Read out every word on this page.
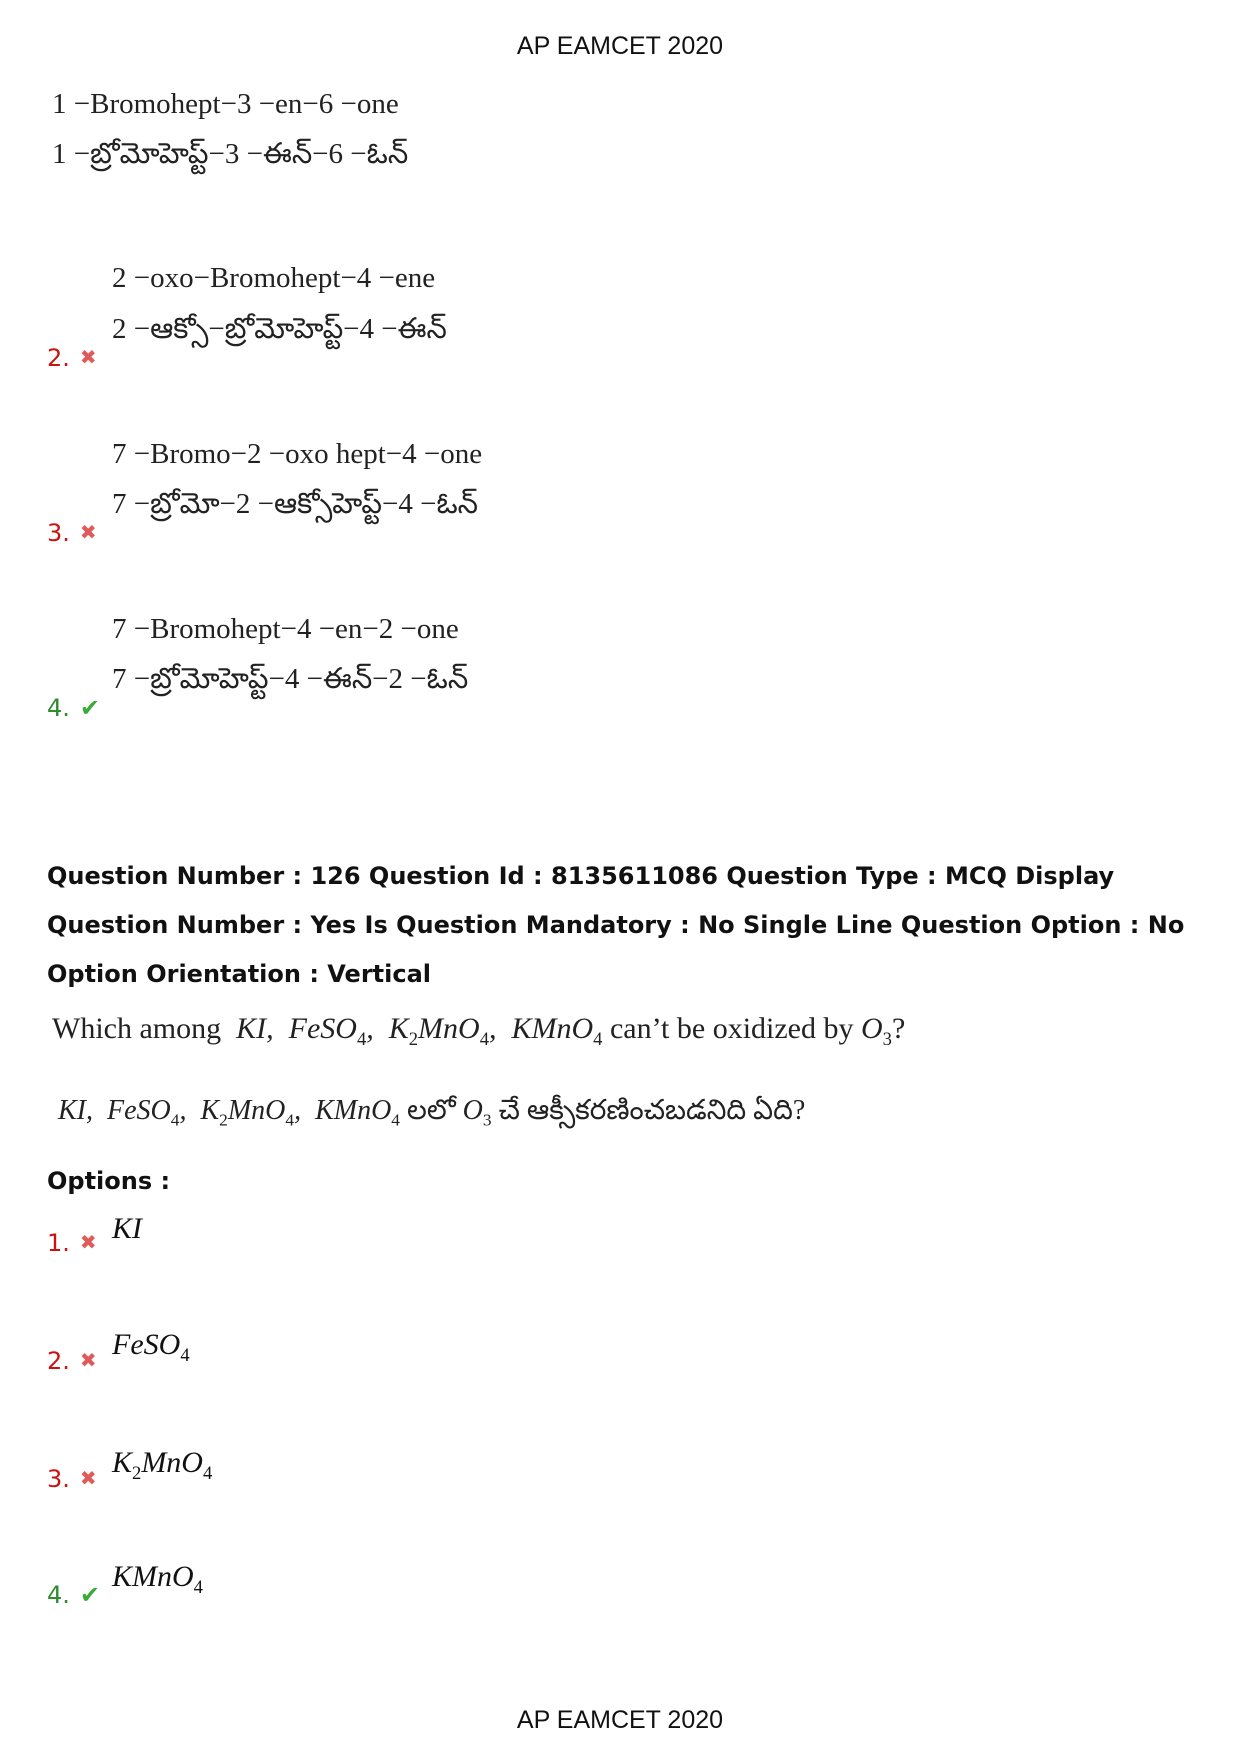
AP EAMCET 2020
1 −Bromohept−3 −en−6 −one
1 −బ్రోమోహెప్ట్−3 −ఈన్−6 −ఓన్
2 −oxo−Bromohept−4 −ene
2 −ఆక్సో−బ్రోమోహెప్ట్−4 −ఈన్
2. ✖
7 −Bromo−2 −oxo hept−4 −one
7 −బ్రోమో−2 −ఆక్సోహెప్ట్−4 −ఓన్
3. ✖
7 −Bromohept−4 −en−2 −one
7 −బ్రోమోహెప్ట్−4 −ఈన్−2 −ఓన్
4. ✔
Question Number : 126 Question Id : 8135611086 Question Type : MCQ Display Question Number : Yes Is Question Mandatory : No Single Line Question Option : No Option Orientation : Vertical
Which among  KI,  FeSO$_4$,  $K_2MnO_4$,  KMnO$_4$ can’t be oxidized by $O_3$?
KI,  FeSO$_4$,  $K_2MnO_4$,  KMnO$_4$ లలో $O_3$ చే ఆక్సీకరణించబడనిది ఏది?
Options :
1. ✖ KI
2. ✖ FeSO$_4$
3. ✖ $K_2MnO_4$
4. ✔
KMnO$_4$
AP EAMCET 2020
